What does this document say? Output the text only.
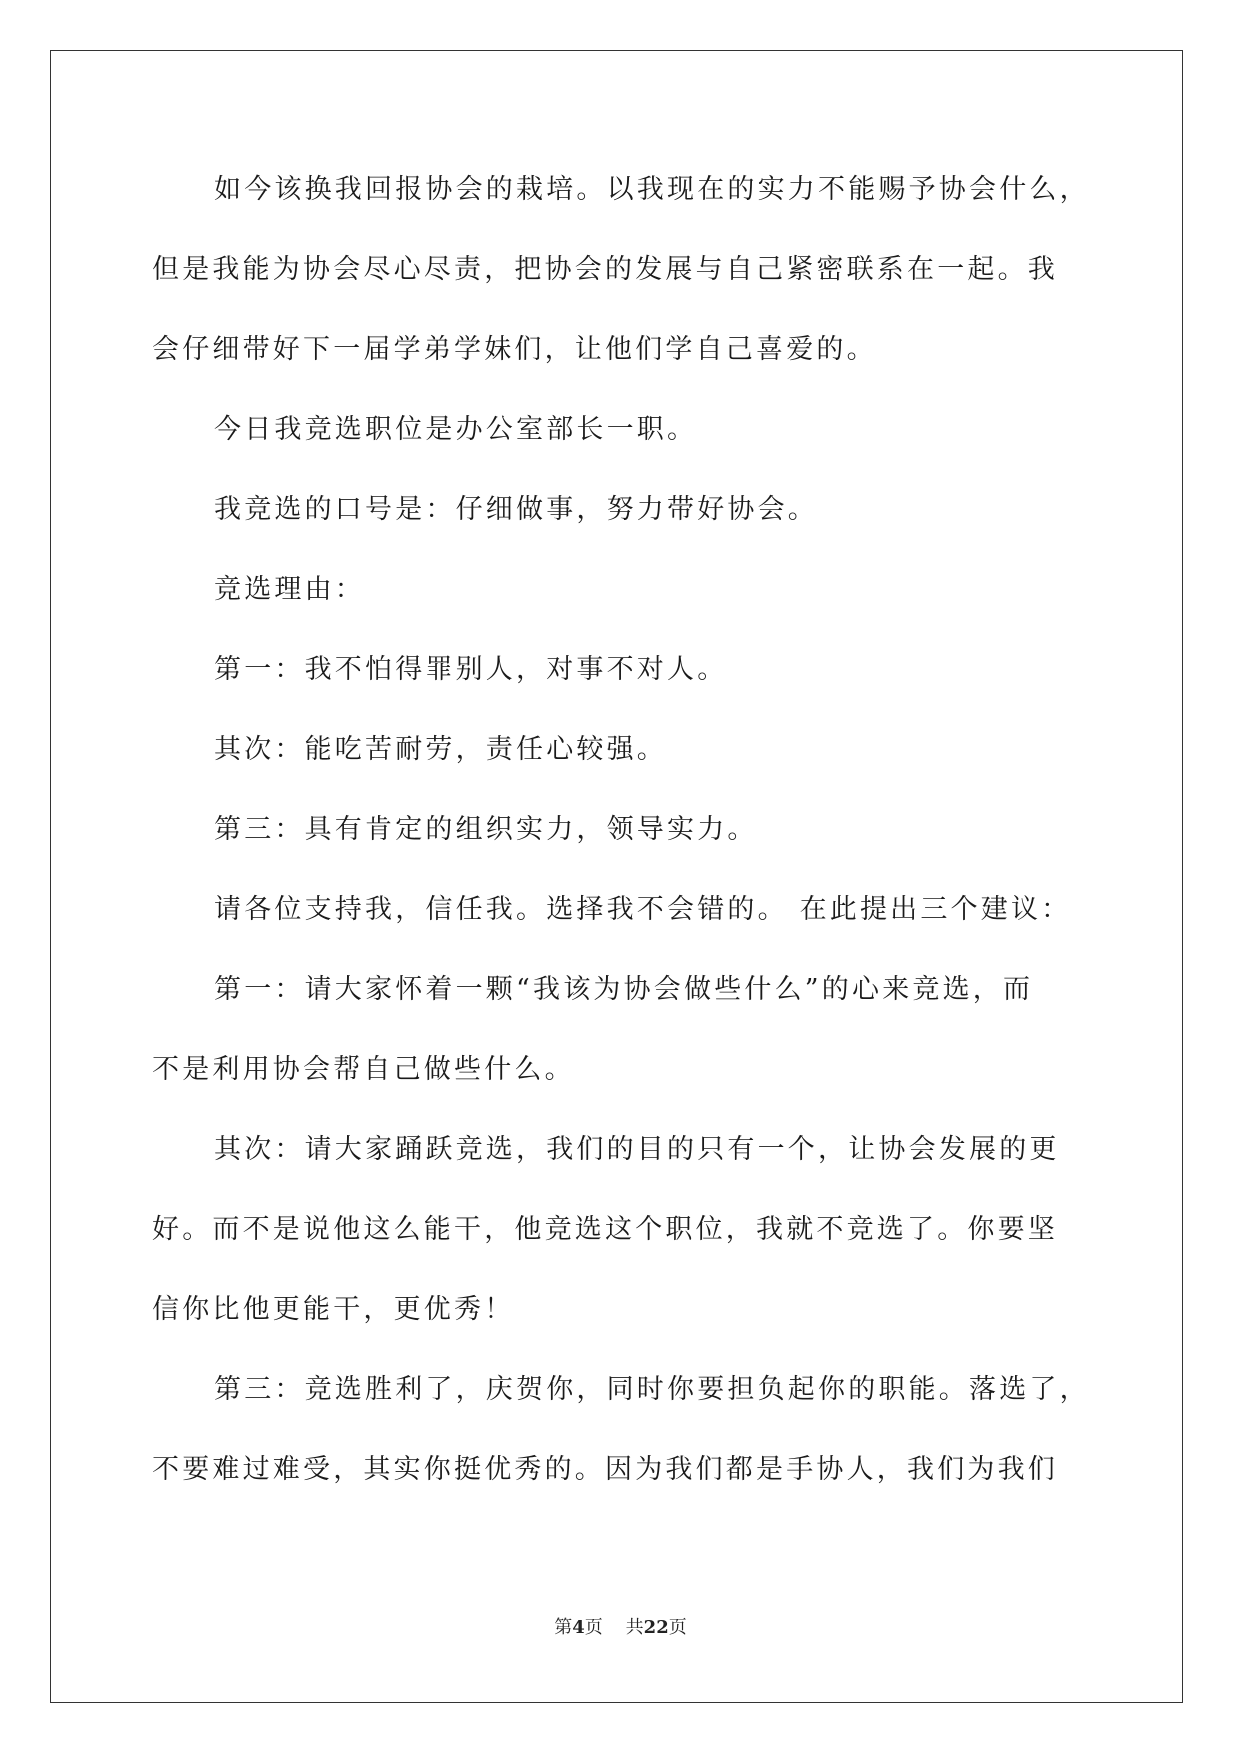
如今该换我回报协会的栽培。以我现在的实力不能赐予协会什么，
但是我能为协会尽心尽责，把协会的发展与自己紧密联系在一起。我
会仔细带好下一届学弟学妹们，让他们学自己喜爱的。
今日我竞选职位是办公室部长一职。
我竞选的口号是：仔细做事，努力带好协会。
竞选理由：
第一：我不怕得罪别人，对事不对人。
其次：能吃苦耐劳，责任心较强。
第三：具有肯定的组织实力，领导实力。
请各位支持我，信任我。选择我不会错的。 在此提出三个建议：
第一：请大家怀着一颗“我该为协会做些什么”的心来竞选，而
不是利用协会帮自己做些什么。
其次：请大家踊跃竞选，我们的目的只有一个，让协会发展的更
好。而不是说他这么能干，他竞选这个职位，我就不竞选了。你要坚
信你比他更能干，更优秀！
第三：竞选胜利了，庆贺你，同时你要担负起你的职能。落选了，
不要难过难受，其实你挺优秀的。因为我们都是手协人，我们为我们
第4页 共22页
